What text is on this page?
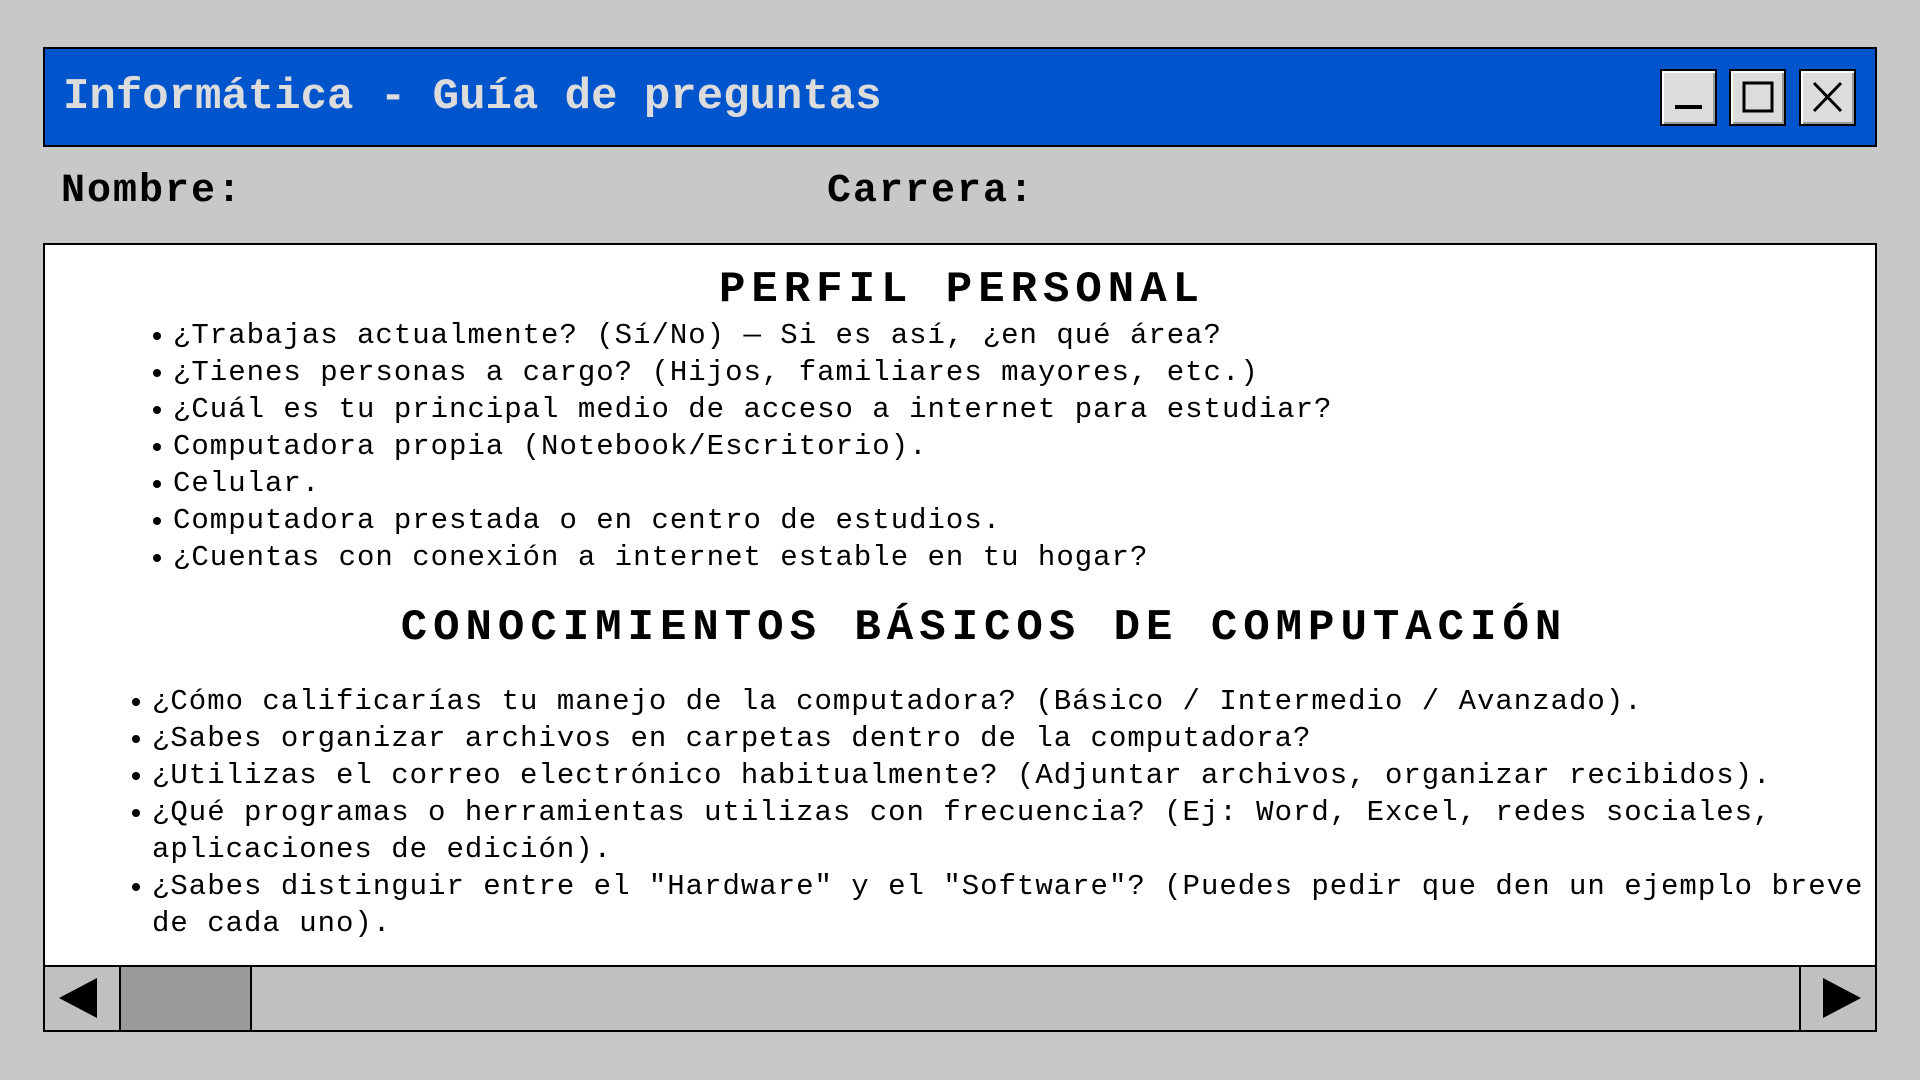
Informática - Guía de preguntas
Nombre:	Carrera:
PERFIL PERSONAL
¿Trabajas actualmente? (Sí/No) — Si es así, ¿en qué área?
¿Tienes personas a cargo? (Hijos, familiares mayores, etc.)
¿Cuál es tu principal medio de acceso a internet para estudiar?
Computadora propia (Notebook/Escritorio).
Celular.
Computadora prestada o en centro de estudios.
¿Cuentas con conexión a internet estable en tu hogar?
CONOCIMIENTOS BÁSICOS DE COMPUTACIÓN
¿Cómo calificarías tu manejo de la computadora? (Básico / Intermedio / Avanzado).
¿Sabes organizar archivos en carpetas dentro de la computadora?
¿Utilizas el correo electrónico habitualmente? (Adjuntar archivos, organizar recibidos).
¿Qué programas o herramientas utilizas con frecuencia? (Ej: Word, Excel, redes sociales, aplicaciones de edición).
¿Sabes distinguir entre el "Hardware" y el "Software"? (Puedes pedir que den un ejemplo breve de cada uno).
